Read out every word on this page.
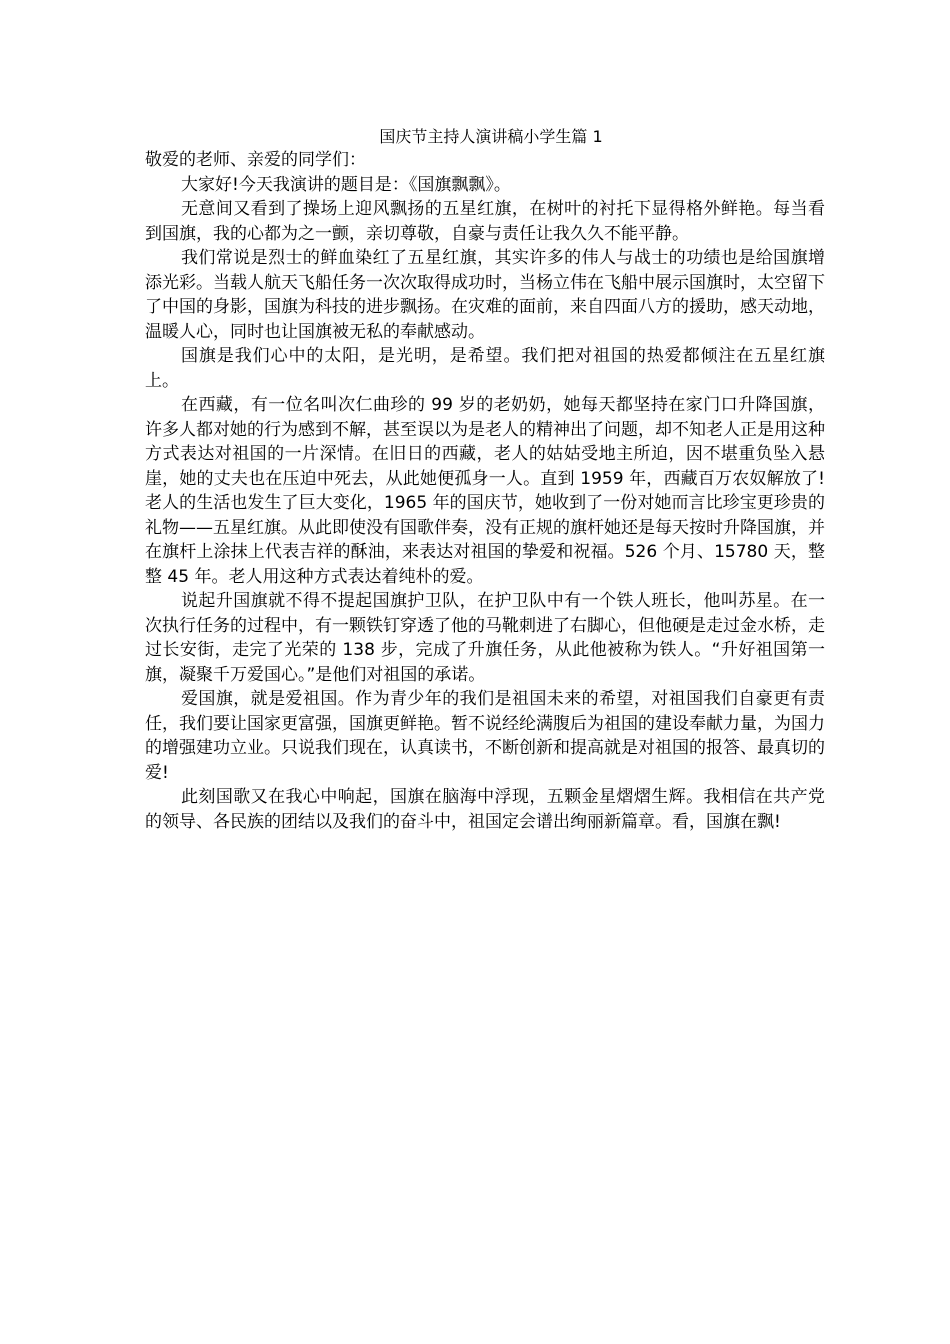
国庆节主持人演讲稿小学生篇 1

敬爱的老师、亲爱的同学们：

大家好!今天我演讲的题目是：《国旗飘飘》。

无意间又看到了操场上迎风飘扬的五星红旗，在树叶的衬托下显得格外鲜艳。每当看到国旗，我的心都为之一颤，亲切尊敬，自豪与责任让我久久不能平静。

我们常说是烈士的鲜血染红了五星红旗，其实许多的伟人与战士的功绩也是给国旗增添光彩。当载人航天飞船任务一次次取得成功时，当杨立伟在飞船中展示国旗时，太空留下了中国的身影，国旗为科技的进步飘扬。在灾难的面前，来自四面八方的援助，感天动地，温暖人心，同时也让国旗被无私的奉献感动。

国旗是我们心中的太阳，是光明，是希望。我们把对祖国的热爱都倾注在五星红旗上。

在西藏，有一位名叫次仁曲珍的 99 岁的老奶奶，她每天都坚持在家门口升降国旗，许多人都对她的行为感到不解，甚至误以为是老人的精神出了问题，却不知老人正是用这种方式表达对祖国的一片深情。在旧日的西藏，老人的姑姑受地主所迫，因不堪重负坠入悬崖，她的丈夫也在压迫中死去，从此她便孤身一人。直到 1959 年，西藏百万农奴解放了!老人的生活也发生了巨大变化，1965 年的国庆节，她收到了一份对她而言比珍宝更珍贵的礼物——五星红旗。从此即使没有国歌伴奏，没有正规的旗杆她还是每天按时升降国旗，并在旗杆上涂抹上代表吉祥的酥油，来表达对祖国的挚爱和祝福。526 个月、15780 天，整整 45 年。老人用这种方式表达着纯朴的爱。

说起升国旗就不得不提起国旗护卫队，在护卫队中有一个铁人班长，他叫苏星。在一次执行任务的过程中，有一颗铁钉穿透了他的马靴刺进了右脚心，但他硬是走过金水桥，走过长安街，走完了光荣的 138 步，完成了升旗任务，从此他被称为铁人。“升好祖国第一旗，凝聚千万爱国心。”是他们对祖国的承诺。

爱国旗，就是爱祖国。作为青少年的我们是祖国未来的希望，对祖国我们自豪更有责任，我们要让国家更富强，国旗更鲜艳。暂不说经纶满腹后为祖国的建设奉献力量，为国力的增强建功立业。只说我们现在，认真读书，不断创新和提高就是对祖国的报答、最真切的爱!

此刻国歌又在我心中响起，国旗在脑海中浮现，五颗金星熠熠生辉。我相信在共产党的领导、各民族的团结以及我们的奋斗中，祖国定会谱出绚丽新篇章。看，国旗在飘!
